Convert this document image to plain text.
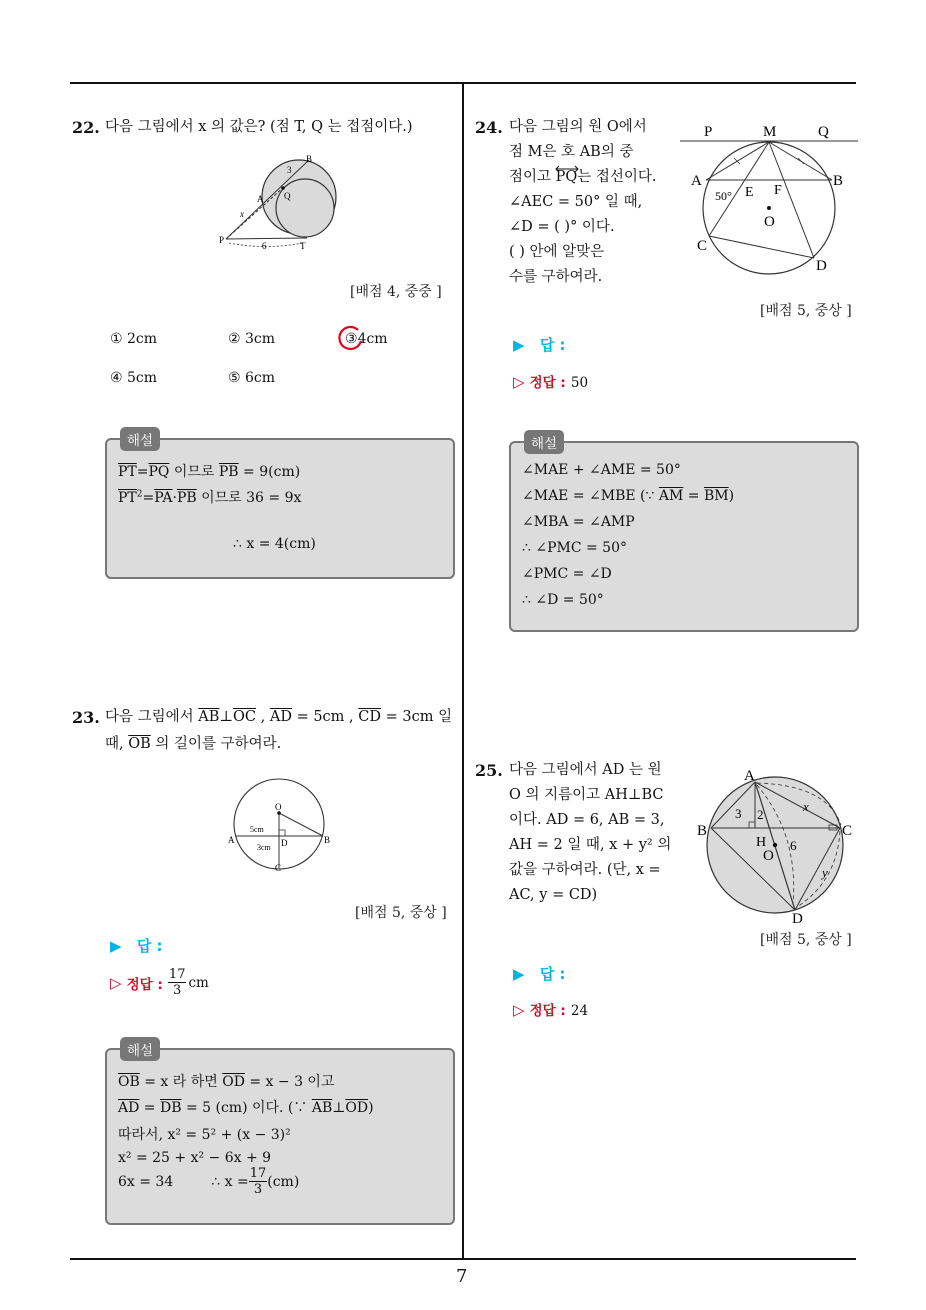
7
22. 다음 그림에서 x 의 값은? (점 T, Q 는 접점이다.)
B
3
Q
A
x
P
6	T
[배점 4, 중중 ]
① 2cm	② 3cm	③4cm
④ 5cm	⑤ 6cm
해설
$\overline{PT}=\overline{PQ}$ 이므로 $\overline{PB} = 9(cm)$
$\overline{PT}^2=\overline{PA}\cdot\overline{PB}$ 이므로 36 = 9x
∴ x = 4(cm)
23. 다음 그림에서 $\overline{AB}\perp\overline{OC}$ , $\overline{AD} = 5cm$ , $\overline{CD} = 3cm$ 일
때, $\overline{OB}$ 의 길이를 구하여라.
O
A	B
D
C
5cm
3cm
[배점 5, 중상 ]
▶ 답 :
▷
정답 :

17
3 cm
해설
$\overline{OB} = x$ 라 하면 $\overline{OD} = x - 3$ 이고
$\overline{AD} = \overline{DB} = 5$ (cm) 이다. (∵ $\overline{AB}\perp\overline{OD}$)
따라서, x² = 5² + (x − 3)²
x² = 25 + x² − 6x + 9
6x = 34	∴ $x = \frac{17}{3} (cm)$
24. 다음 그림의 원 O에서
점 M은 호 AB의 중
점이고 PQ는 접선이다.
∠AEC = 50° 일 때,
∠D = ( )° 이다.
( ) 안에 알맞은
수를 구하여라.
P	M	Q
A	B
E F
50°
O
C
D
[배점 5, 중상 ]
▶ 답 :
▷ 정답 : 50
해설
∠MAE + ∠AME = 50°
∠MAE = ∠MBE (∵ $\overline{AM} = \overline{BM}$)
∠MBA = ∠AMP
∴ ∠PMC = 50°
∠PMC = ∠D
∴ ∠D = 50°
25. 다음 그림에서 AD 는 원
O 의 지름이고 AH⊥BC
이다. AD = 6, AB = 3,
AH = 2 일 때, x + y² 의
값을 구하여라. (단, x =
AC, y = CD)
A
B	C
D
H
O
3 2
6
x
y
[배점 5, 중상 ]
▶ 답 :
▷ 정답 : 24
